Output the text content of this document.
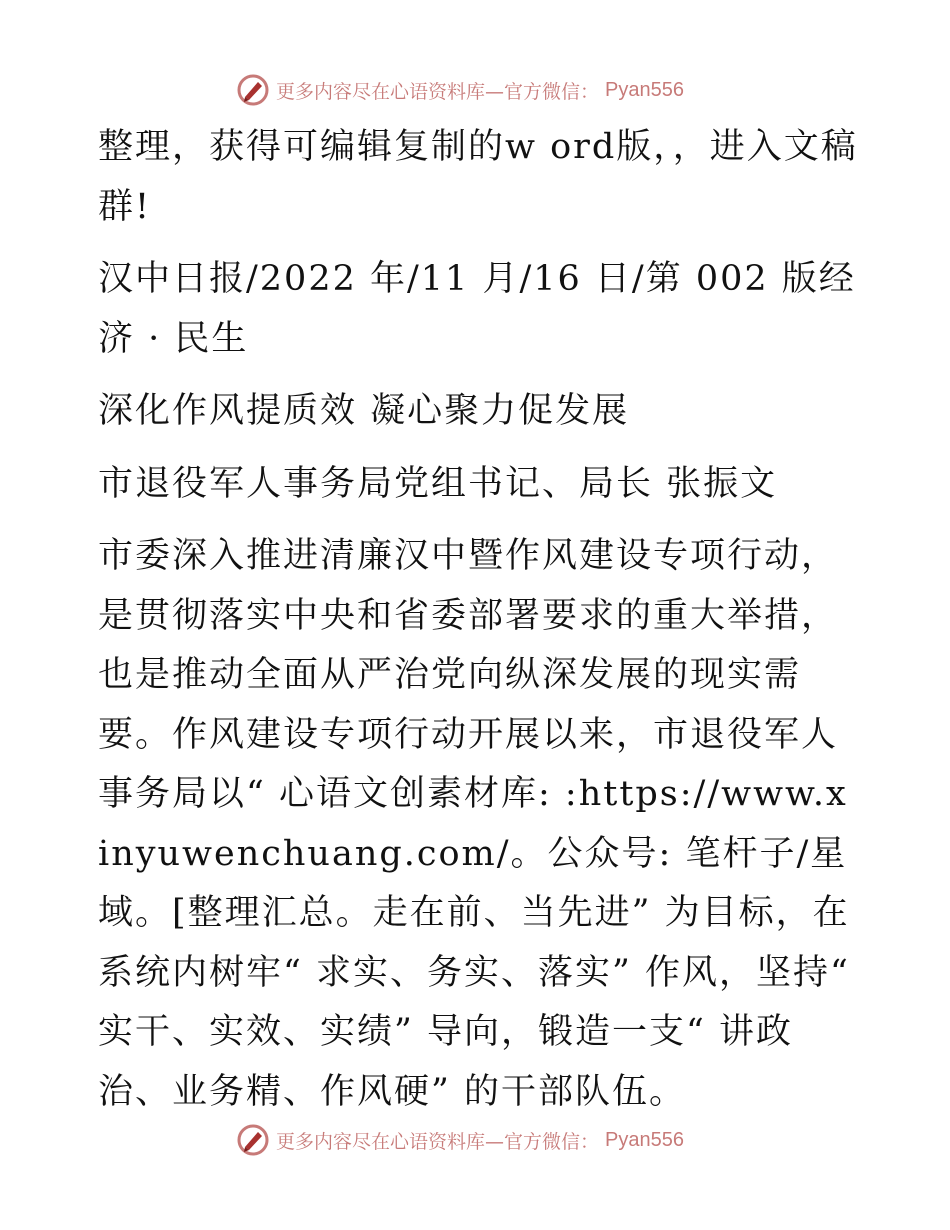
更多内容尽在心语资料库—官方微信： Pyan556

整理，获得可编辑复制的w ord版，，进入文稿群!

汉中日报/2022 年/11 月/16 日/第 002 版经济 · 民生

深化作风提质效 凝心聚力促发展

市退役军人事务局党组书记、局长 张振文

市委深入推进清廉汉中暨作风建设专项行动，是贯彻落实中央和省委部署要求的重大举措，也是推动全面从严治党向纵深发展的现实需要。作风建设专项行动开展以来，市退役军人事务局以“ 心语文创素材库: :https://www.xinyuwenchuang.com/。公众号: 笔杆子/星域。[整理汇总。走在前、当先进” 为目标，在系统内树牢“ 求实、务实、落实” 作风，坚持“ 实干、实效、实绩” 导向，锻造一支“ 讲政治、业务精、作风硬” 的干部队伍。

更多内容尽在心语资料库—官方微信： Pyan556
